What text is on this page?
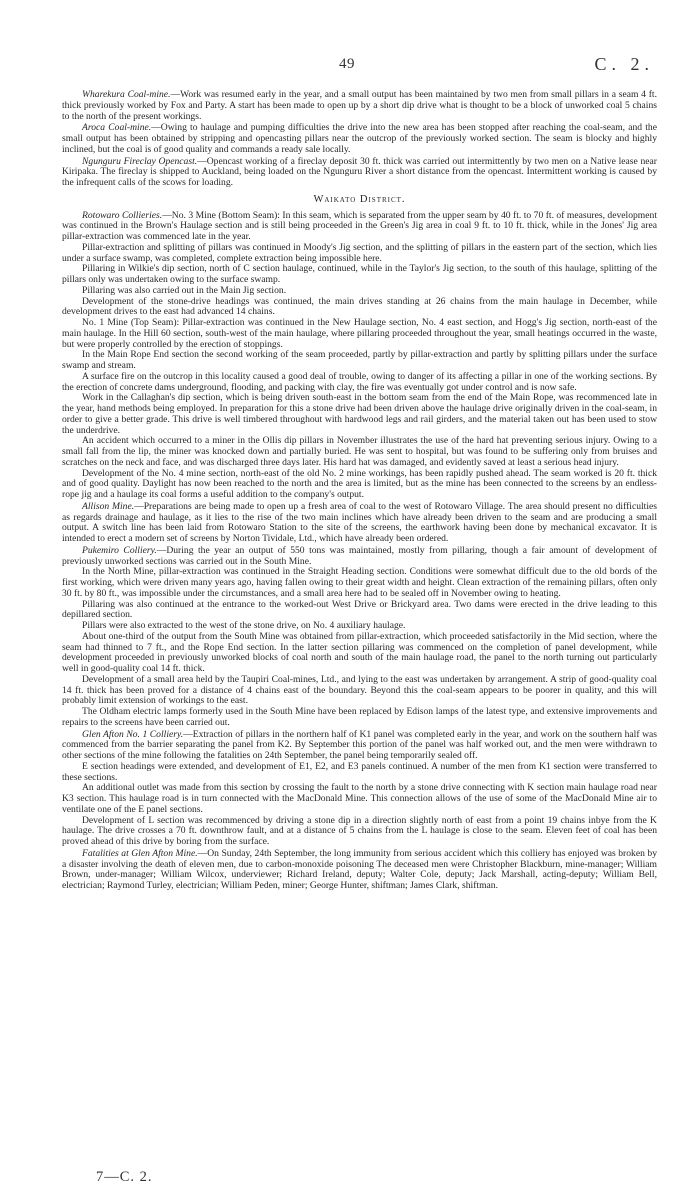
49	C. 2.

Wharekura Coal-mine.—Work was resumed early in the year, and a small output has been maintained by two men from small pillars in a seam 4 ft. thick previously worked by Fox and Party. A start has been made to open up by a short dip drive what is thought to be a block of unworked coal 5 chains to the north of the present workings.

Aroca Coal-mine.—Owing to haulage and pumping difficulties the drive into the new area has been stopped after reaching the coal-seam, and the small output has been obtained by stripping and opencasting pillars near the outcrop of the previously worked section. The seam is blocky and highly inclined, but the coal is of good quality and commands a ready sale locally.

Ngunguru Fireclay Opencast.—Opencast working of a fireclay deposit 30 ft. thick was carried out intermittently by two men on a Native lease near Kiripaka. The fireclay is shipped to Auckland, being loaded on the Ngunguru River a short distance from the opencast. Intermittent working is caused by the infrequent calls of the scows for loading.

Waikato District.

Rotowaro Collieries.—No. 3 Mine (Bottom Seam): In this seam, which is separated from the upper seam by 40 ft. to 70 ft. of measures, development was continued in the Brown's Haulage section and is still being proceeded in the Green's Jig area in coal 9 ft. to 10 ft. thick, while in the Jones' Jig area pillar-extraction was commenced late in the year.

Pillar-extraction and splitting of pillars was continued in Moody's Jig section, and the splitting of pillars in the eastern part of the section, which lies under a surface swamp, was completed, complete extraction being impossible here.

Pillaring in Wilkie's dip section, north of C section haulage, continued, while in the Taylor's Jig section, to the south of this haulage, splitting of the pillars only was undertaken owing to the surface swamp.

Pillaring was also carried out in the Main Jig section.

Development of the stone-drive headings was continued, the main drives standing at 26 chains from the main haulage in December, while development drives to the east had advanced 14 chains.

No. 1 Mine (Top Seam): Pillar-extraction was continued in the New Haulage section, No. 4 east section, and Hogg's Jig section, north-east of the main haulage. In the Hill 60 section, south-west of the main haulage, where pillaring proceeded throughout the year, small heatings occurred in the waste, but were properly controlled by the erection of stoppings.

In the Main Rope End section the second working of the seam proceeded, partly by pillar-extraction and partly by splitting pillars under the surface swamp and stream.

A surface fire on the outcrop in this locality caused a good deal of trouble, owing to danger of its affecting a pillar in one of the working sections. By the erection of concrete dams underground, flooding, and packing with clay, the fire was eventually got under control and is now safe.

Work in the Callaghan's dip section, which is being driven south-east in the bottom seam from the end of the Main Rope, was recommenced late in the year, hand methods being employed. In preparation for this a stone drive had been driven above the haulage drive originally driven in the coal-seam, in order to give a better grade. This drive is well timbered throughout with hardwood legs and rail girders, and the material taken out has been used to stow the underdrive.

An accident which occurred to a miner in the Ollis dip pillars in November illustrates the use of the hard hat preventing serious injury. Owing to a small fall from the lip, the miner was knocked down and partially buried. He was sent to hospital, but was found to be suffering only from bruises and scratches on the neck and face, and was discharged three days later. His hard hat was damaged, and evidently saved at least a serious head injury.

Development of the No. 4 mine section, north-east of the old No. 2 mine workings, has been rapidly pushed ahead. The seam worked is 20 ft. thick and of good quality. Daylight has now been reached to the north and the area is limited, but as the mine has been connected to the screens by an endless-rope jig and a haulage its coal forms a useful addition to the company's output.

Allison Mine.—Preparations are being made to open up a fresh area of coal to the west of Rotowaro Village. The area should present no difficulties as regards drainage and haulage, as it lies to the rise of the two main inclines which have already been driven to the seam and are producing a small output. A switch line has been laid from Rotowaro Station to the site of the screens, the earthwork having been done by mechanical excavator. It is intended to erect a modern set of screens by Norton Tividale, Ltd., which have already been ordered.

Pukemiro Colliery.—During the year an output of 550 tons was maintained, mostly from pillaring, though a fair amount of development of previously unworked sections was carried out in the South Mine.

In the North Mine, pillar-extraction was continued in the Straight Heading section. Conditions were somewhat difficult due to the old bords of the first working, which were driven many years ago, having fallen owing to their great width and height. Clean extraction of the remaining pillars, often only 30 ft. by 80 ft., was impossible under the circumstances, and a small area here had to be sealed off in November owing to heating.

Pillaring was also continued at the entrance to the worked-out West Drive or Brickyard area. Two dams were erected in the drive leading to this depillared section.

Pillars were also extracted to the west of the stone drive, on No. 4 auxiliary haulage.

About one-third of the output from the South Mine was obtained from pillar-extraction, which proceeded satisfactorily in the Mid section, where the seam had thinned to 7 ft., and the Rope End section. In the latter section pillaring was commenced on the completion of panel development, while development proceeded in previously unworked blocks of coal north and south of the main haulage road, the panel to the north turning out particularly well in good-quality coal 14 ft. thick.

Development of a small area held by the Taupiri Coal-mines, Ltd., and lying to the east was undertaken by arrangement. A strip of good-quality coal 14 ft. thick has been proved for a distance of 4 chains east of the boundary. Beyond this the coal-seam appears to be poorer in quality, and this will probably limit extension of workings to the east.

The Oldham electric lamps formerly used in the South Mine have been replaced by Edison lamps of the latest type, and extensive improvements and repairs to the screens have been carried out.

Glen Afton No. 1 Colliery.—Extraction of pillars in the northern half of K1 panel was completed early in the year, and work on the southern half was commenced from the barrier separating the panel from K2. By September this portion of the panel was half worked out, and the men were withdrawn to other sections of the mine following the fatalities on 24th September, the panel being temporarily sealed off.

E section headings were extended, and development of E1, E2, and E3 panels continued. A number of the men from K1 section were transferred to these sections.

An additional outlet was made from this section by crossing the fault to the north by a stone drive connecting with K section main haulage road near K3 section. This haulage road is in turn connected with the MacDonald Mine. This connection allows of the use of some of the MacDonald Mine air to ventilate one of the E panel sections.

Development of L section was recommenced by driving a stone dip in a direction slightly north of east from a point 19 chains inbye from the K haulage. The drive crosses a 70 ft. downthrow fault, and at a distance of 5 chains from the L haulage is close to the seam. Eleven feet of coal has been proved ahead of this drive by boring from the surface.

Fatalities at Glen Afton Mine.—On Sunday, 24th September, the long immunity from serious accident which this colliery has enjoyed was broken by a disaster involving the death of eleven men, due to carbon-monoxide poisoning The deceased men were Christopher Blackburn, mine-manager; William Brown, under-manager; William Wilcox, underviewer; Richard Ireland, deputy; Walter Cole, deputy; Jack Marshall, acting-deputy; William Bell, electrician; Raymond Turley, electrician; William Peden, miner; George Hunter, shiftman; James Clark, shiftman.

7—C. 2.
